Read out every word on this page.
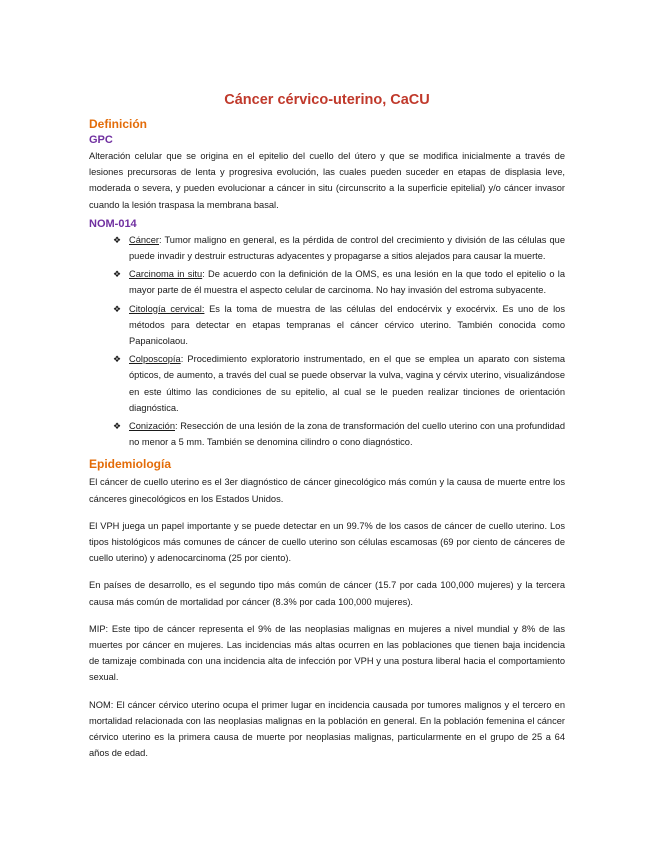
Cáncer cérvico-uterino, CaCU
Definición
GPC

Alteración celular que se origina en el epitelio del cuello del útero y que se modifica inicialmente a través de lesiones precursoras de lenta y progresiva evolución, las cuales pueden suceder en etapas de displasia leve, moderada o severa, y pueden evolucionar a cáncer in situ (circunscrito a la superficie epitelial) y/o cáncer invasor cuando la lesión traspasa la membrana basal.

NOM-014
❖ Cáncer: Tumor maligno en general, es la pérdida de control del crecimiento y división de las células que puede invadir y destruir estructuras adyacentes y propagarse a sitios alejados para causar la muerte.
❖ Carcinoma in situ: De acuerdo con la definición de la OMS, es una lesión en la que todo el epitelio o la mayor parte de él muestra el aspecto celular de carcinoma. No hay invasión del estroma subyacente.
❖ Citología cervical: Es la toma de muestra de las células del endocérvix y exocérvix. Es uno de los métodos para detectar en etapas tempranas el cáncer cérvico uterino. También conocida como Papanicolaou.
❖ Colposcopía: Procedimiento exploratorio instrumentado, en el que se emplea un aparato con sistema ópticos, de aumento, a través del cual se puede observar la vulva, vagina y cérvix uterino, visualizándose en este último las condiciones de su epitelio, al cual se le pueden realizar tinciones de orientación diagnóstica.
❖ Conización: Resección de una lesión de la zona de transformación del cuello uterino con una profundidad no menor a 5 mm. También se denomina cilindro o cono diagnóstico.
Epidemiología

El cáncer de cuello uterino es el 3er diagnóstico de cáncer ginecológico más común y la causa de muerte entre los cánceres ginecológicos en los Estados Unidos.

El VPH juega un papel importante y se puede detectar en un 99.7% de los casos de cáncer de cuello uterino. Los tipos histológicos más comunes de cáncer de cuello uterino son células escamosas (69 por ciento de cánceres de cuello uterino) y adenocarcinoma (25 por ciento).

En países de desarrollo, es el segundo tipo más común de cáncer (15.7 por cada 100,000 mujeres) y la tercera causa más común de mortalidad por cáncer (8.3% por cada 100,000 mujeres).

MIP: Este tipo de cáncer representa el 9% de las neoplasias malignas en mujeres a nivel mundial y 8% de las muertes por cáncer en mujeres. Las incidencias más altas ocurren en las poblaciones que tienen baja incidencia de tamizaje combinada con una incidencia alta de infección por VPH y una postura liberal hacia el comportamiento sexual.

NOM: El cáncer cérvico uterino ocupa el primer lugar en incidencia causada por tumores malignos y el tercero en mortalidad relacionada con las neoplasias malignas en la población en general. En la población femenina el cáncer cérvico uterino es la primera causa de muerte por neoplasias malignas, particularmente en el grupo de 25 a 64 años de edad.
